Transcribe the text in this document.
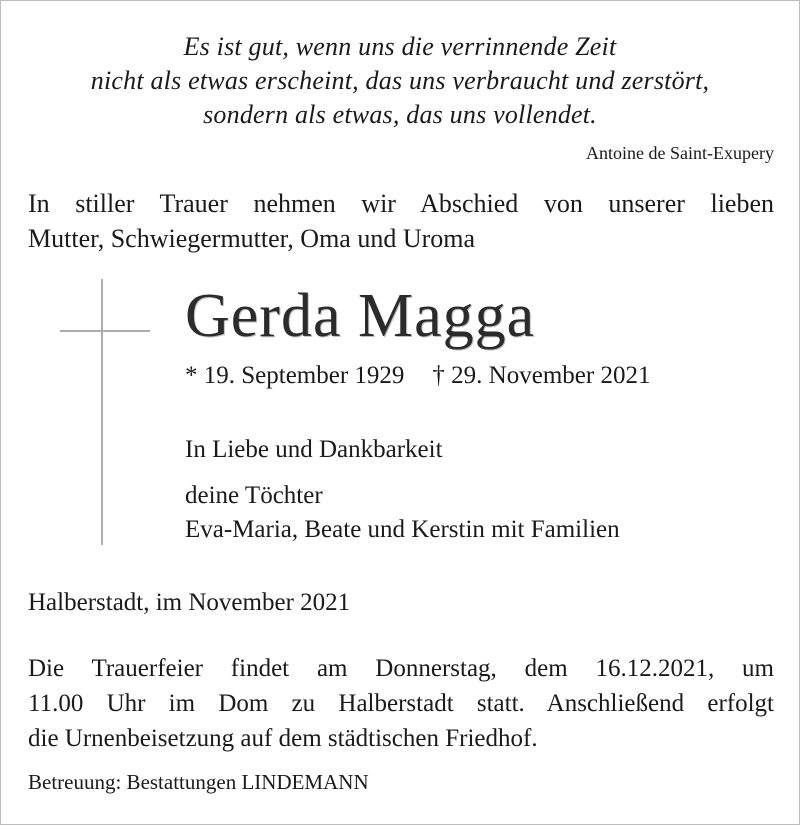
Es ist gut, wenn uns die verrinnende Zeit
nicht als etwas erscheint, das uns verbraucht und zerstört,
sondern als etwas, das uns vollendet.
Antoine de Saint-Exupery
In stiller Trauer nehmen wir Abschied von unserer lieben
Mutter, Schwiegermutter, Oma und Uroma
Gerda Magga
* 19. September 1929 † 29. November 2021
In Liebe und Dankbarkeit
deine Töchter
Eva-Maria, Beate und Kerstin mit Familien
Halberstadt, im November 2021
Die Trauerfeier findet am Donnerstag, dem 16.12.2021, um
11.00 Uhr im Dom zu Halberstadt statt. Anschließend erfolgt
die Urnenbeisetzung auf dem städtischen Friedhof.
Betreuung: Bestattungen LINDEMANN
